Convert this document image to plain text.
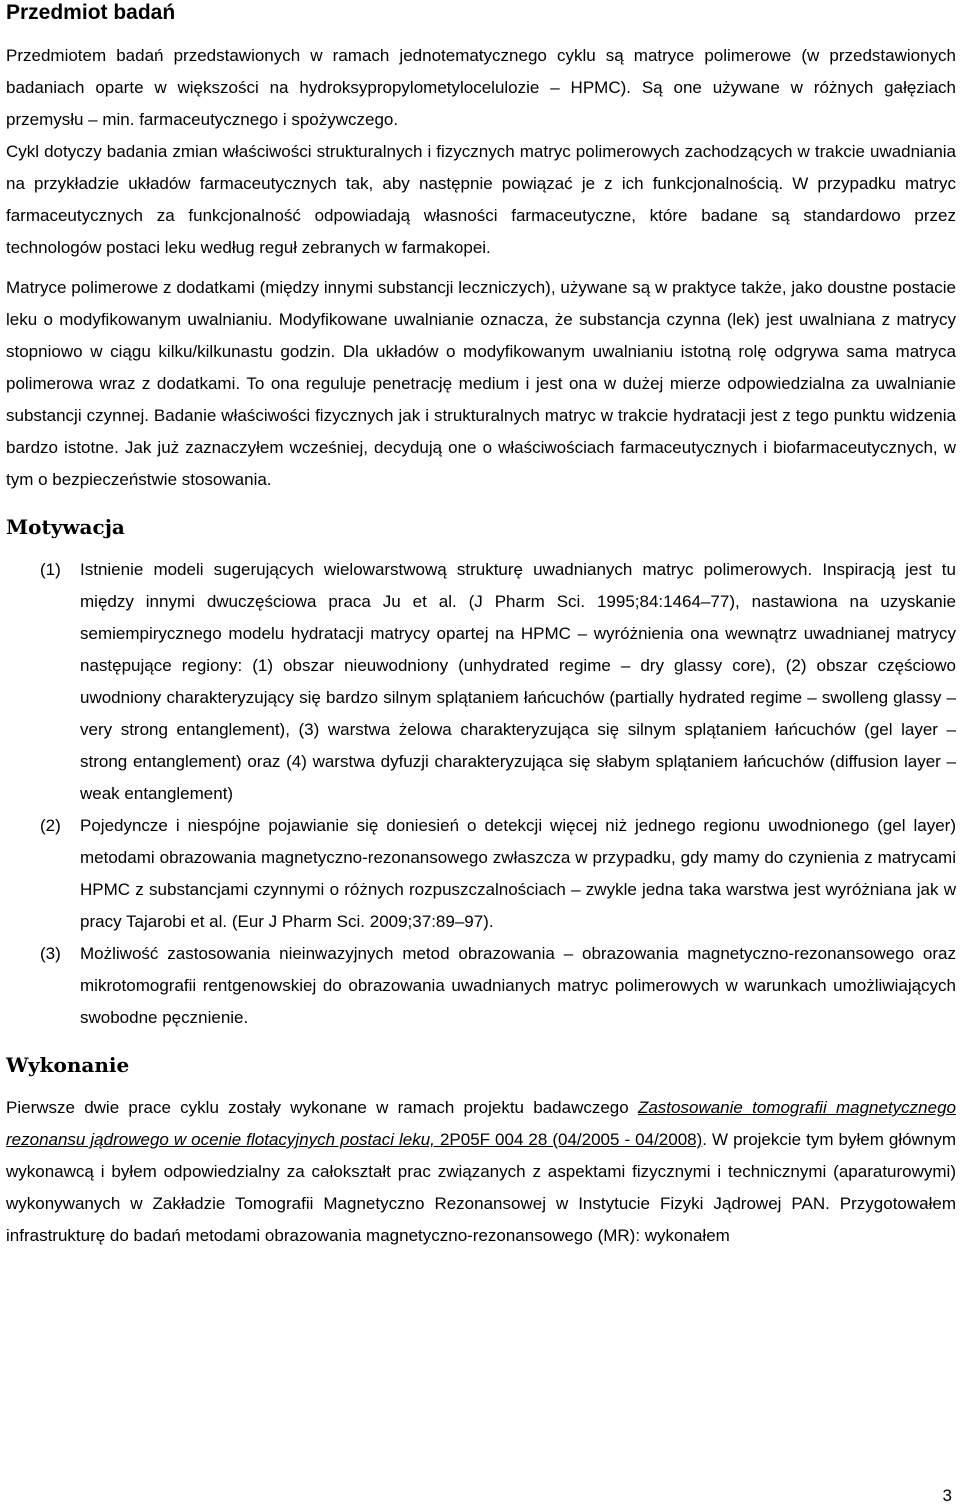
Przedmiot badań

Przedmiotem badań przedstawionych w ramach jednotematycznego cyklu są matryce polimerowe (w przedstawionych badaniach oparte w większości na hydroksypropylometylocelulozie – HPMC). Są one używane w różnych gałęziach przemysłu – min. farmaceutycznego i spożywczego.

Cykl dotyczy badania zmian właściwości strukturalnych i fizycznych matryc polimerowych zachodzących w trakcie uwadniania na przykładzie układów farmaceutycznych tak, aby następnie powiązać je z ich funkcjonalnością. W przypadku matryc farmaceutycznych za funkcjonalność odpowiadają własności farmaceutyczne, które badane są standardowo przez technologów postaci leku według reguł zebranych w farmakopei.

Matryce polimerowe z dodatkami (między innymi substancji leczniczych), używane są w praktyce także, jako doustne postacie leku o modyfikowanym uwalnianiu. Modyfikowane uwalnianie oznacza, że substancja czynna (lek) jest uwalniana z matrycy stopniowo w ciągu kilku/kilkunastu godzin. Dla układów o modyfikowanym uwalnianiu istotną rolę odgrywa sama matryca polimerowa wraz z dodatkami. To ona reguluje penetrację medium i jest ona w dużej mierze odpowiedzialna za uwalnianie substancji czynnej. Badanie właściwości fizycznych jak i strukturalnych matryc w trakcie hydratacji jest z tego punktu widzenia bardzo istotne. Jak już zaznaczyłem wcześniej, decydują one o właściwościach farmaceutycznych i biofarmaceutycznych, w tym o bezpieczeństwie stosowania.

Motywacja
(1)	Istnienie modeli sugerujących wielowarstwową strukturę uwadnianych matryc polimerowych. Inspiracją jest tu między innymi dwuczęściowa praca Ju et al. (J Pharm Sci. 1995;84:1464–77), nastawiona na uzyskanie semiempirycznego modelu hydratacji matrycy opartej na HPMC – wyróżnienia ona wewnątrz uwadnianej matrycy następujące regiony: (1) obszar nieuwodniony (unhydrated regime – dry glassy core), (2) obszar częściowo uwodniony charakteryzujący się bardzo silnym splątaniem łańcuchów (partially hydrated regime – swolleng glassy – very strong entanglement), (3) warstwa żelowa charakteryzująca się silnym splątaniem łańcuchów (gel layer – strong entanglement) oraz (4) warstwa dyfuzji charakteryzująca się słabym splątaniem łańcuchów (diffusion layer – weak entanglement)
(2)	Pojedyncze i niespójne pojawianie się doniesień o detekcji więcej niż jednego regionu uwodnionego (gel layer) metodami obrazowania magnetyczno-rezonansowego zwłaszcza w przypadku, gdy mamy do czynienia z matrycami HPMC z substancjami czynnymi o różnych rozpuszczalnościach – zwykle jedna taka warstwa jest wyróżniana jak w pracy Tajarobi et al. (Eur J Pharm Sci. 2009;37:89–97).
(3)	Możliwość zastosowania nieinwazyjnych metod obrazowania – obrazowania magnetyczno-rezonansowego oraz mikrotomografii rentgenowskiej do obrazowania uwadnianych matryc polimerowych w warunkach umożliwiających swobodne pęcznienie.
Wykonanie

Pierwsze dwie prace cyklu zostały wykonane w ramach projektu badawczego Zastosowanie tomografii magnetycznego rezonansu jądrowego w ocenie flotacyjnych postaci leku, 2P05F 004 28 (04/2005 - 04/2008). W projekcie tym byłem głównym wykonawcą i byłem odpowiedzialny za całokształt prac związanych z aspektami fizycznymi i technicznymi (aparaturowymi) wykonywanych w Zakładzie Tomografii Magnetyczno Rezonansowej w Instytucie Fizyki Jądrowej PAN. Przygotowałem infrastrukturę do badań metodami obrazowania magnetyczno-rezonansowego (MR): wykonałem

3
